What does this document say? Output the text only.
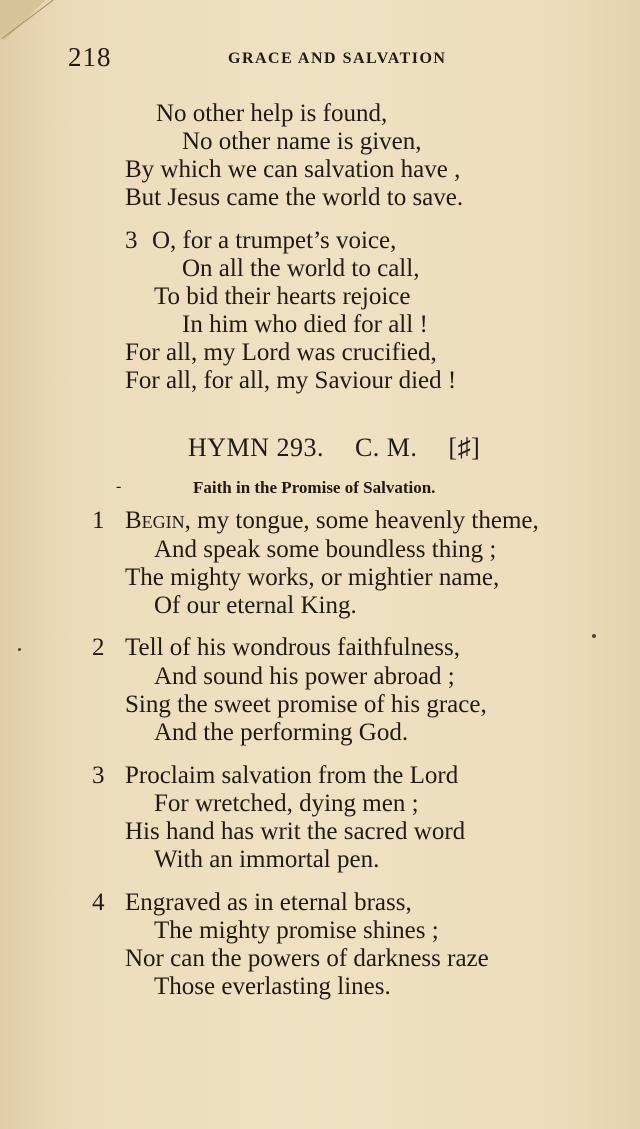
218	GRACE AND SALVATION
No other help is found,
No other name is given,
By which we can salvation have ,
But Jesus came the world to save.
3 O, for a trumpet’s voice,
On all the world to call,
To bid their hearts rejoice
In him who died for all !
For all, my Lord was crucified,
For all, for all, my Saviour died !
HYMN 293. C. M. [♯]
-	Faith in the Promise of Salvation.
1 Begin, my tongue, some heavenly theme,
And speak some boundless thing ;
The mighty works, or mightier name,
Of our eternal King.
2 Tell of his wondrous faithfulness,
And sound his power abroad ;
Sing the sweet promise of his grace,
And the performing God.
3 Proclaim salvation from the Lord
For wretched, dying men ;
His hand has writ the sacred word
With an immortal pen.
4 Engraved as in eternal brass,
The mighty promise shines ;
Nor can the powers of darkness raze
Those everlasting lines.
